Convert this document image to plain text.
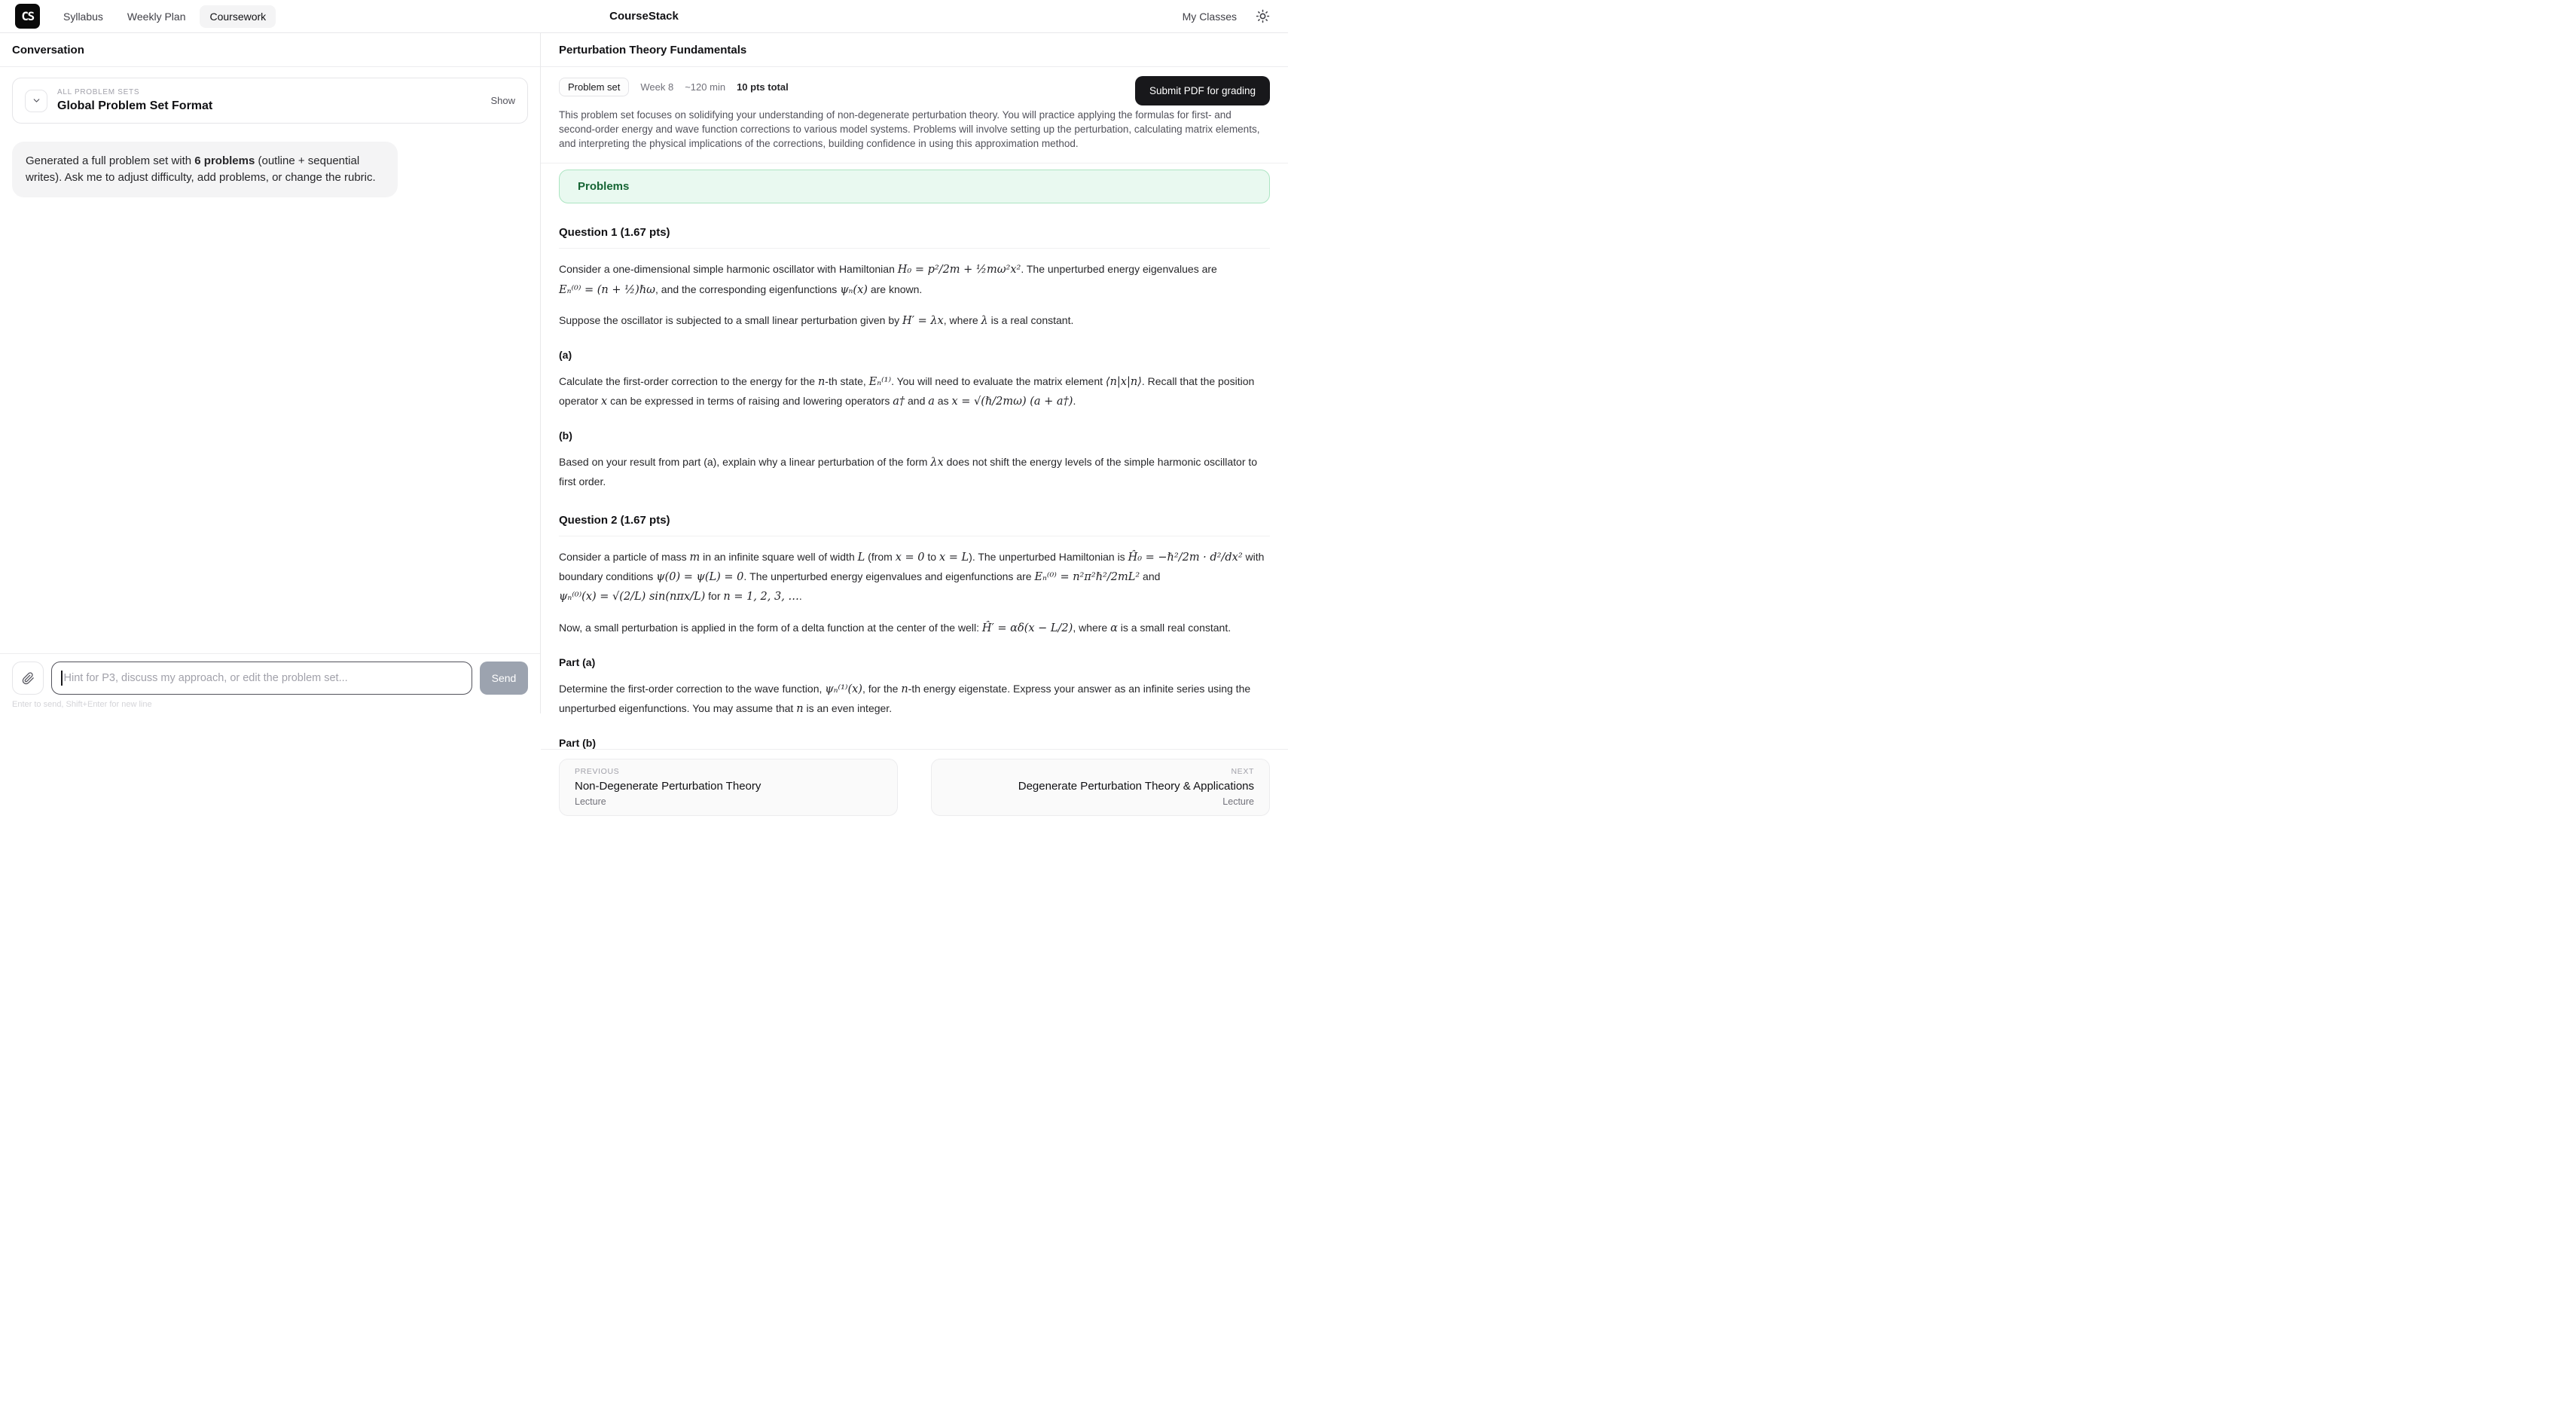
CS	Syllabus	Weekly Plan	Coursework	CourseStack	My Classes
Conversation
ALL PROBLEM SETS
Global Problem Set Format	Show
Generated a full problem set with 6 problems (outline + sequential writes). Ask me to adjust difficulty, add problems, or change the rubric.
Hint for P3, discuss my approach, or edit the problem set...	Send
Enter to send, Shift+Enter for new line
Perturbation Theory Fundamentals
Problem set	Week 8 ~120 min 10 pts total	Submit PDF for grading
This problem set focuses on solidifying your understanding of non-degenerate perturbation theory. You will practice applying the formulas for first- and second-order energy and wave function corrections to various model systems. Problems will involve setting up the perturbation, calculating matrix elements, and interpreting the physical implications of the corrections, building confidence in using this approximation method.
Problems
Question 1 (1.67 pts)

Consider a one-dimensional simple harmonic oscillator with Hamiltonian H₀ = p²/2m + ½mω²x². The unperturbed energy eigenvalues are Eₙ⁽⁰⁾ = (n + ½)ℏω, and the corresponding eigenfunctions ψₙ(x) are known.

Suppose the oscillator is subjected to a small linear perturbation given by H′ = λx, where λ is a real constant.

(a)

Calculate the first-order correction to the energy for the n-th state, Eₙ⁽¹⁾. You will need to evaluate the matrix element ⟨n|x|n⟩. Recall that the position operator x can be expressed in terms of raising and lowering operators a† and a as x = √(ℏ/2mω) (a + a†).

(b)

Based on your result from part (a), explain why a linear perturbation of the form λx does not shift the energy levels of the simple harmonic oscillator to first order.

Question 2 (1.67 pts)

Consider a particle of mass m in an infinite square well of width L (from x = 0 to x = L). The unperturbed Hamiltonian is Ĥ₀ = −ℏ²/2m · d²/dx² with boundary conditions ψ(0) = ψ(L) = 0. The unperturbed energy eigenvalues and eigenfunctions are Eₙ⁽⁰⁾ = n²π²ℏ²/2mL² and ψₙ⁽⁰⁾(x) = √(2/L) sin(nπx/L) for n = 1, 2, 3, ….

Now, a small perturbation is applied in the form of a delta function at the center of the well: Ĥ′ = αδ(x − L/2), where α is a small real constant.

Part (a)

Determine the first-order correction to the wave function, ψₙ⁽¹⁾(x), for the n-th energy eigenstate. Express your answer as an infinite series using the unperturbed eigenfunctions. You may assume that n is an even integer.

Part (b)
PREVIOUS
Non-Degenerate Perturbation Theory
Lecture
NEXT
Degenerate Perturbation Theory & Applications
Lecture
